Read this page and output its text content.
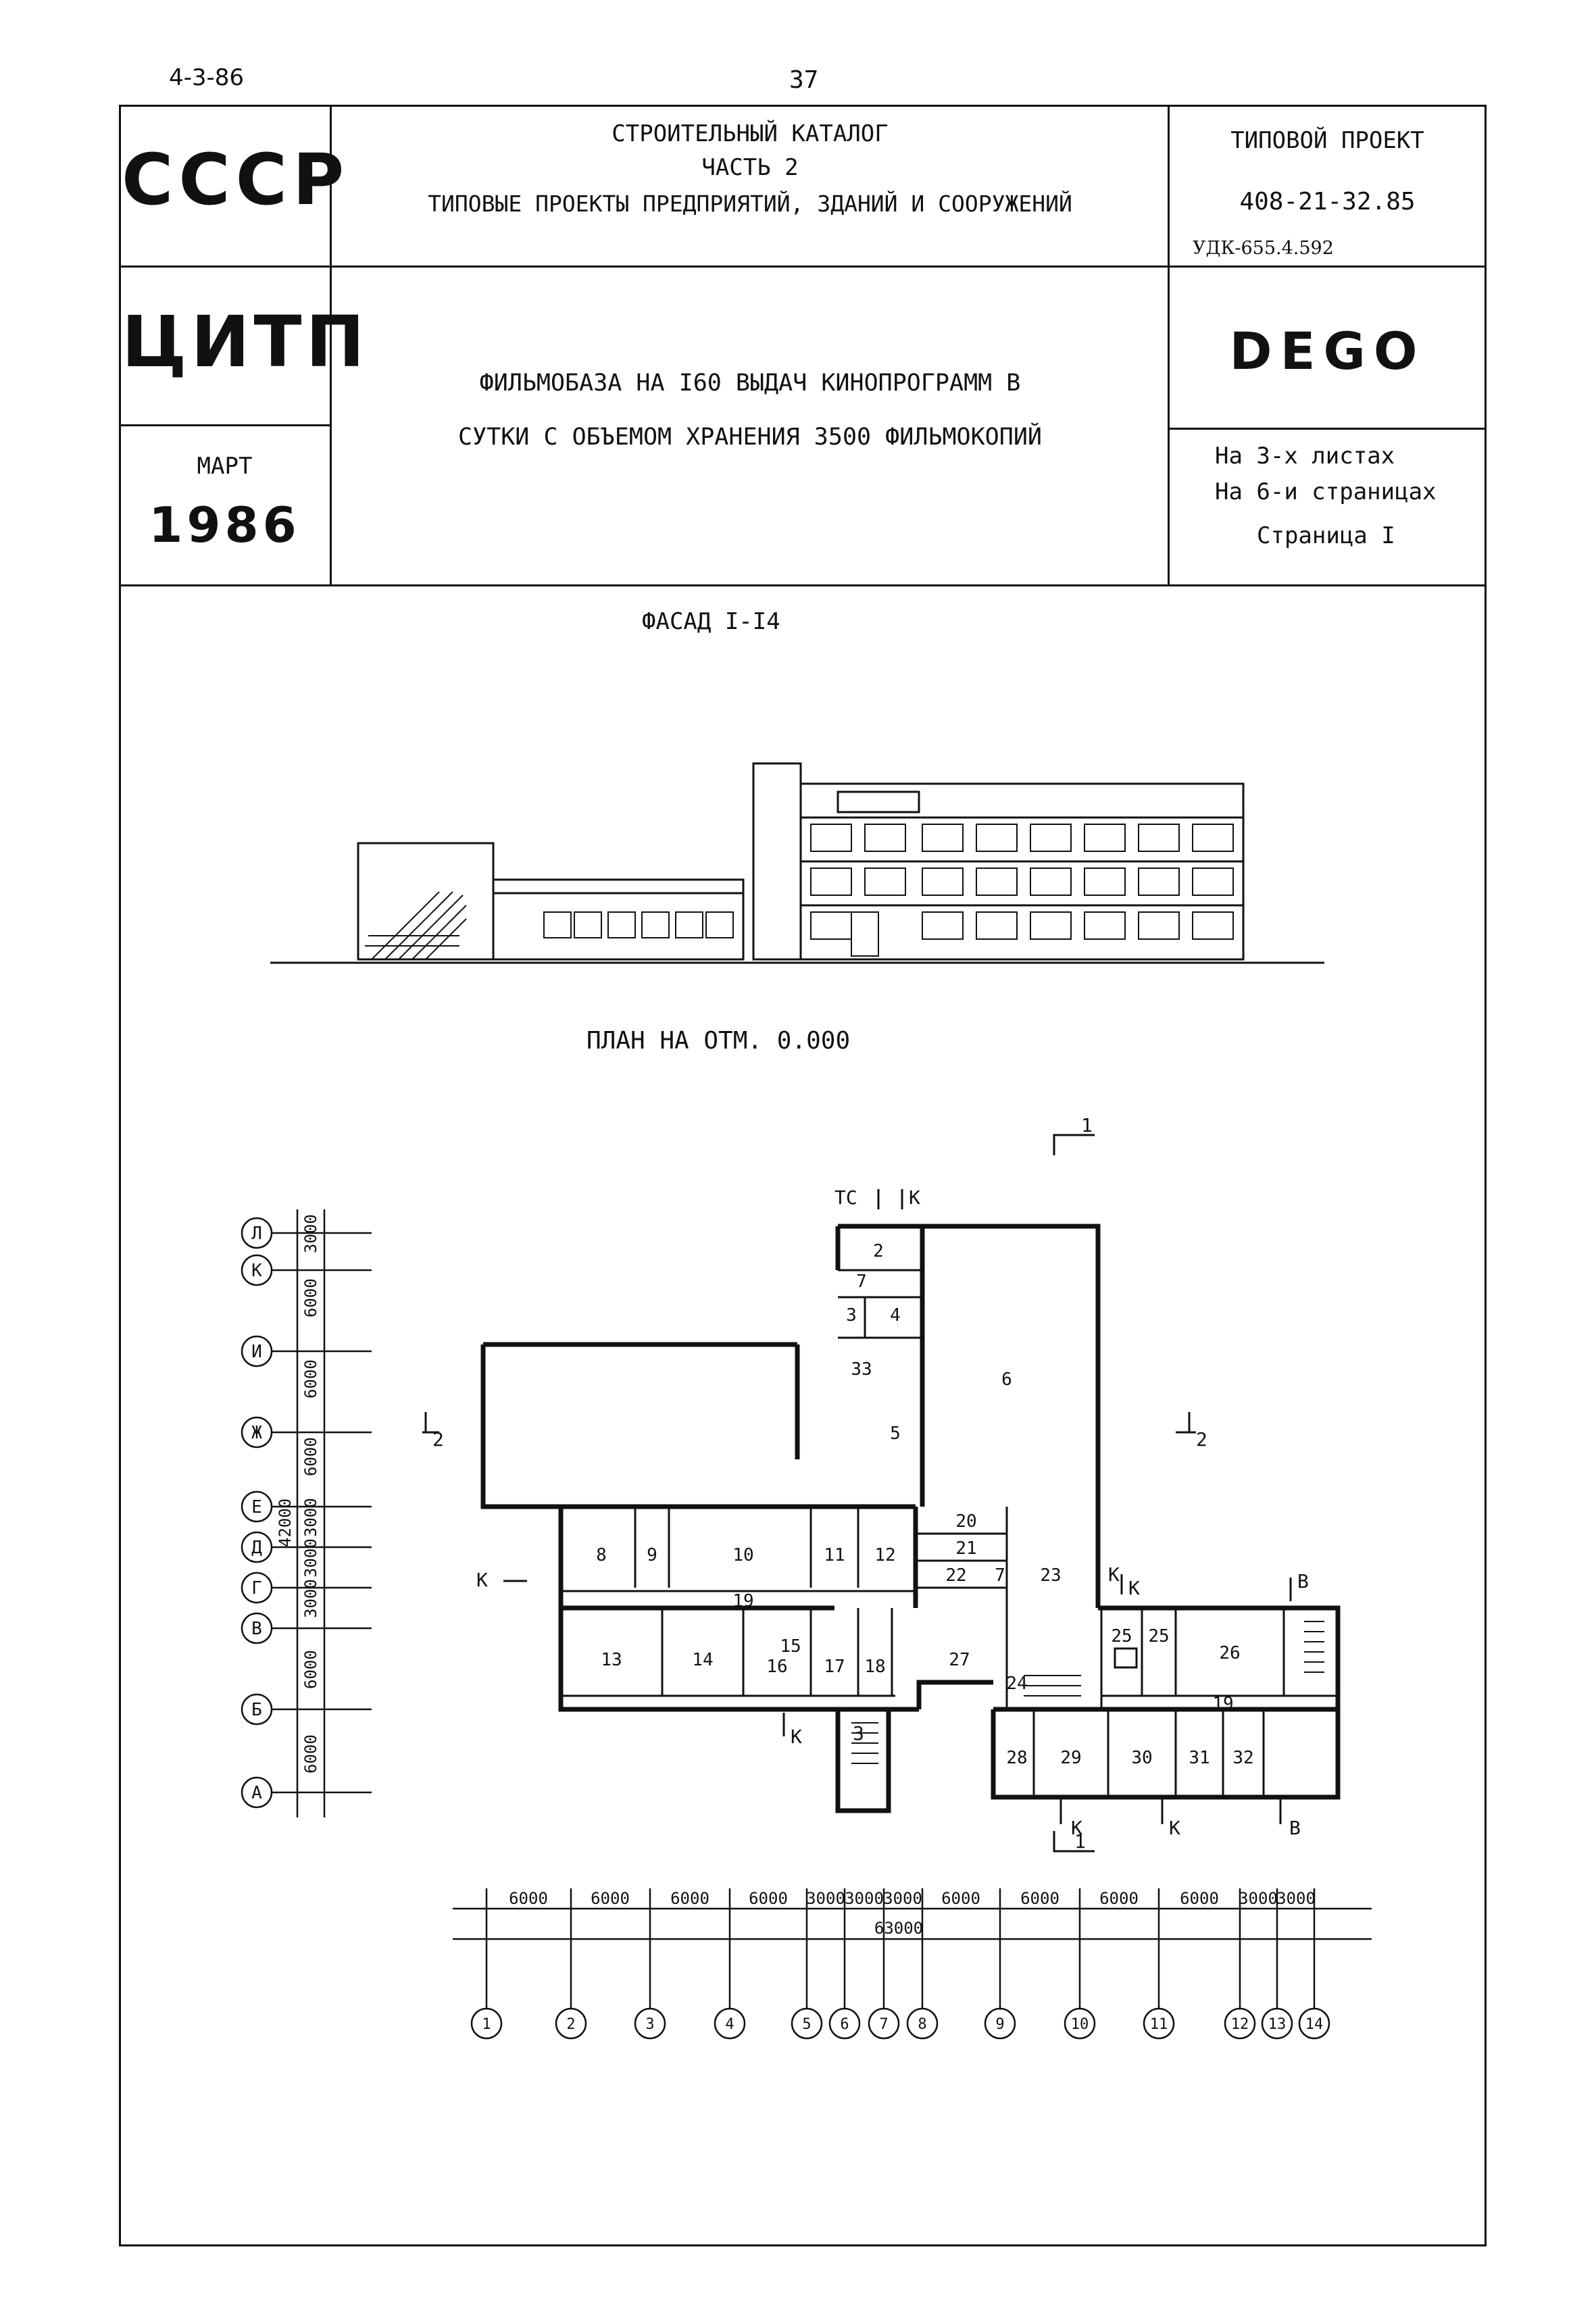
4-3-86	37
СССР
ЦИТП
МАРТ
1986
СТРОИТЕЛЬНЫЙ КАТАЛОГ
ЧАСТЬ 2
ТИПОВЫЕ ПРОЕКТЫ ПРЕДПРИЯТИЙ, ЗДАНИЙ И СООРУЖЕНИЙ
ФИЛЬМОБАЗА НА I60 ВЫДАЧ КИНОПРОГРАММ В
СУТКИ С ОБЪЕМОМ ХРАНЕНИЯ 3500 ФИЛЬМОКОПИЙ
ТИПОВОЙ ПРОЕКТ
408-21-32.85
УДК-655.4.592
DEGO
На 3-х листах
На 6-и страницах
Страница I
ФАСАД I-I4
ПЛАН НА ОТМ. 0.000
Л
К
И
Ж
Е
Д
Г
В
Б
А
3000
6000
6000
6000
3000
3000
3000
6000
6000
42000
2
3 4
6
7
5
8 9	10	11 12
13	14
15
16 17 18
19
20
21
22	23
24
25 25
26
27
28 29	30 31 32
33
19
7
ТС	К
К
К
К	К
К
К	В
В
1
1
2	2
3
6000	6000	6000 6000 3000 3000 3000 6000 6000 6000	6000 3000
3000
63000
1	2	3	4	5 6 7 8	9	10	11	12 13 14
